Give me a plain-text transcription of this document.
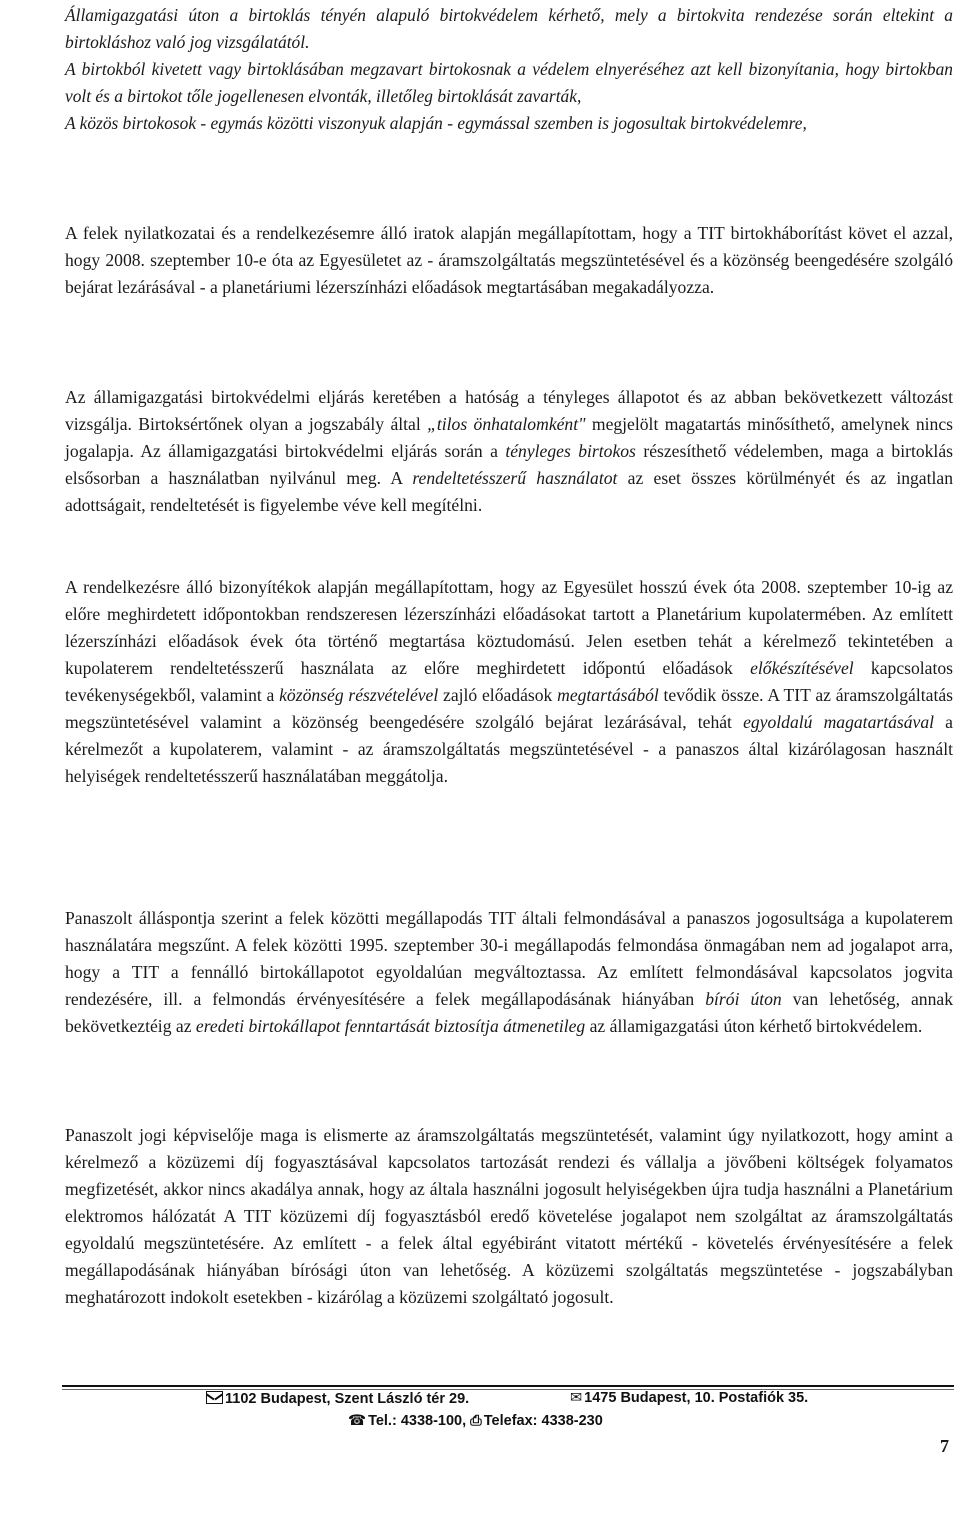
Államigazgatási úton a birtoklás tényén alapuló birtokvédelem kérhető, mely a birtokvita rendezése során eltekint a birtokláshoz való jog vizsgálatától.
A birtokból kivetett vagy birtoklásában megzavart birtokosnak a védelem elnyeréséhez azt kell bizonyítania, hogy birtokban volt és a birtokot tőle jogellenesen elvonták, illetőleg birtoklását zavarták,
A közös birtokosok - egymás közötti viszonyuk alapján - egymással szemben is jogosultak birtokvédelemre,
A felek nyilatkozatai és a rendelkezésemre álló iratok alapján megállapítottam, hogy a TIT birtokháborítást követ el azzal, hogy 2008. szeptember 10-e óta az Egyesületet az - áramszolgáltatás megszüntetésével és a közönség beengedésére szolgáló bejárat lezárásával - a planetáriumi lézerszínházi előadások megtartásában megakadályozza.
Az államigazgatási birtokvédelmi eljárás keretében a hatóság a tényleges állapotot és az abban bekövetkezett változást vizsgálja. Birtoksértőnek olyan a jogszabály által „tilos önhatalomként" megjelölt magatartás minősíthető, amelynek nincs jogalapja. Az államigazgatási birtokvédelmi eljárás során a tényleges birtokos részesíthető védelemben, maga a birtoklás elsősorban a használatban nyilvánul meg. A rendeltetésszerű használatot az eset összes körülményét és az ingatlan adottságait, rendeltetését is figyelembe véve kell megítélni.
A rendelkezésre álló bizonyítékok alapján megállapítottam, hogy az Egyesület hosszú évek óta 2008. szeptember 10-ig az előre meghirdetett időpontokban rendszeresen lézerszínházi előadásokat tartott a Planetárium kupolatermében. Az említett lézerszínházi előadások évek óta történő megtartása köztudomású. Jelen esetben tehát a kérelmező tekintetében a kupolaterem rendeltetésszerű használata az előre meghirdetett időpontú előadások előkészítésével kapcsolatos tevékenységekből, valamint a közönség részvételével zajló előadások megtartásából tevődik össze. A TIT az áramszolgáltatás megszüntetésével valamint a közönség beengedésére szolgáló bejárat lezárásával, tehát egyoldalú magatartásával a kérelmezőt a kupolaterem, valamint - az áramszolgáltatás megszüntetésével - a panaszos által kizárólagosan használt helyiségek rendeltetésszerű használatában meggátolja.
Panaszolt álláspontja szerint a felek közötti megállapodás TIT általi felmondásával a panaszos jogosultsága a kupolaterem használatára megszűnt. A felek közötti 1995. szeptember 30-i megállapodás felmondása önmagában nem ad jogalapot arra, hogy a TIT a fennálló birtokállapotot egyoldalúan megváltoztassa. Az említett felmondásával kapcsolatos jogvita rendezésére, ill. a felmondás érvényesítésére a felek megállapodásának hiányában bírói úton van lehetőség, annak bekövetkeztéig az eredeti birtokállapot fenntartását biztosítja átmenetileg az államigazgatási úton kérhető birtokvédelem.
Panaszolt jogi képviselője maga is elismerte az áramszolgáltatás megszüntetését, valamint úgy nyilatkozott, hogy amint a kérelmező a közüzemi díj fogyasztásával kapcsolatos tartozását rendezi és vállalja a jövőbeni költségek folyamatos megfizetését, akkor nincs akadálya annak, hogy az általa használni jogosult helyiségekben újra tudja használni a Planetárium elektromos hálózatát A TIT közüzemi díj fogyasztásból eredő követelése jogalapot nem szolgáltat az áramszolgáltatás egyoldalú megszüntetésére. Az említett - a felek által egyébiránt vitatott mértékű - követelés érvényesítésére a felek megállapodásának hiányában bírósági úton van lehetőség. A közüzemi szolgáltatás megszüntetése - jogszabályban meghatározott indokolt esetekben - kizárólag a közüzemi szolgáltató jogosult.
1102 Budapest, Szent László tér 29.	✉ 1475 Budapest, 10. Postafiók 35.
☎ Tel.: 4338-100, ⎙ Telefax: 4338-230
7
